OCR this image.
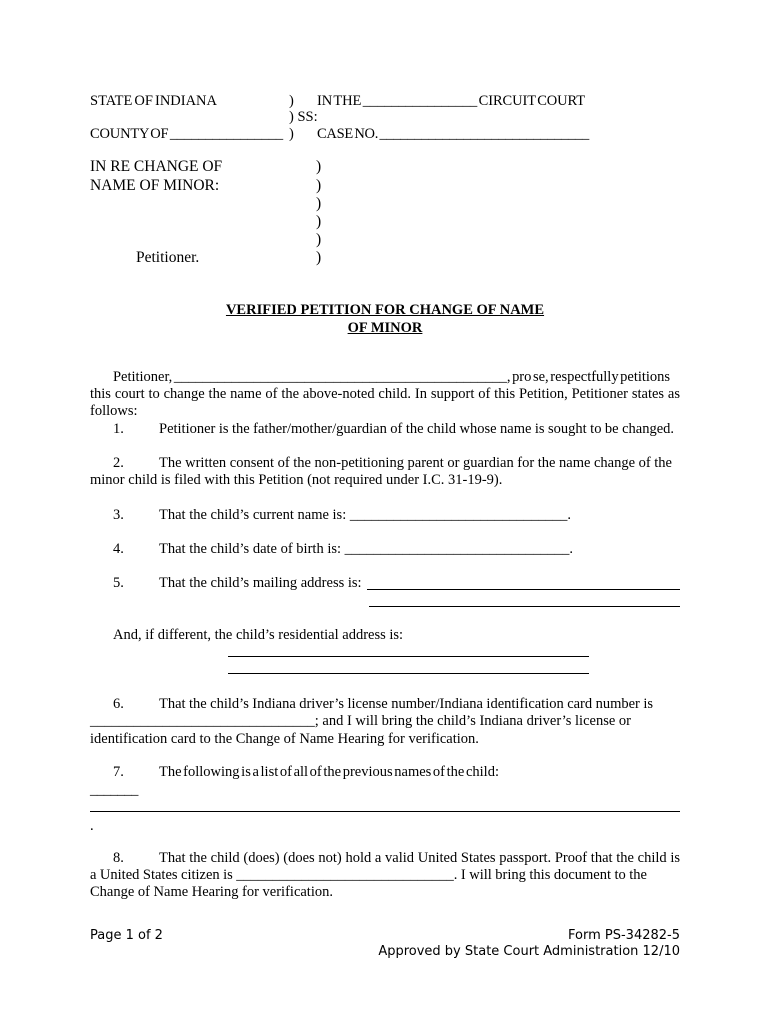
STATE OF INDIANA	) IN THE ________________ CIRCUIT COURT
) SS:
COUNTY OF ________________ ) CASE NO. ______________________________
IN RE CHANGE OF
NAME OF MINOR:
)
)
)
)
)
)
Petitioner.
VERIFIED PETITION FOR CHANGE OF NAME
OF MINOR
Petitioner, ______________________________________________, pro se, respectfully petitions
this court to change the name of the above-noted child. In support of this Petition, Petitioner states as
follows:
1. Petitioner is the father/mother/guardian of the child whose name is sought to be changed.
2. The written consent of the non-petitioning parent or guardian for the name change of the
minor child is filed with this Petition (not required under I.C. 31-19-9).
3. That the child’s current name is: ______________________________.
4. That the child’s date of birth is: _______________________________.
5. That the child’s mailing address is:
And, if different, the child’s residential address is:
6. That the child’s Indiana driver’s license number/Indiana identification card number is
_______________________________; and I will bring the child’s Indiana driver’s license or
identification card to the Change of Name Hearing for verification.
7. The following is a list of all of the previous names of the child:
_______
.
8. That the child (does) (does not) hold a valid United States passport. Proof that the child is
a United States citizen is ______________________________. I will bring this document to the
Change of Name Hearing for verification.
Page 1 of 2	Form PS-34282-5
Approved by State Court Administration 12/10
